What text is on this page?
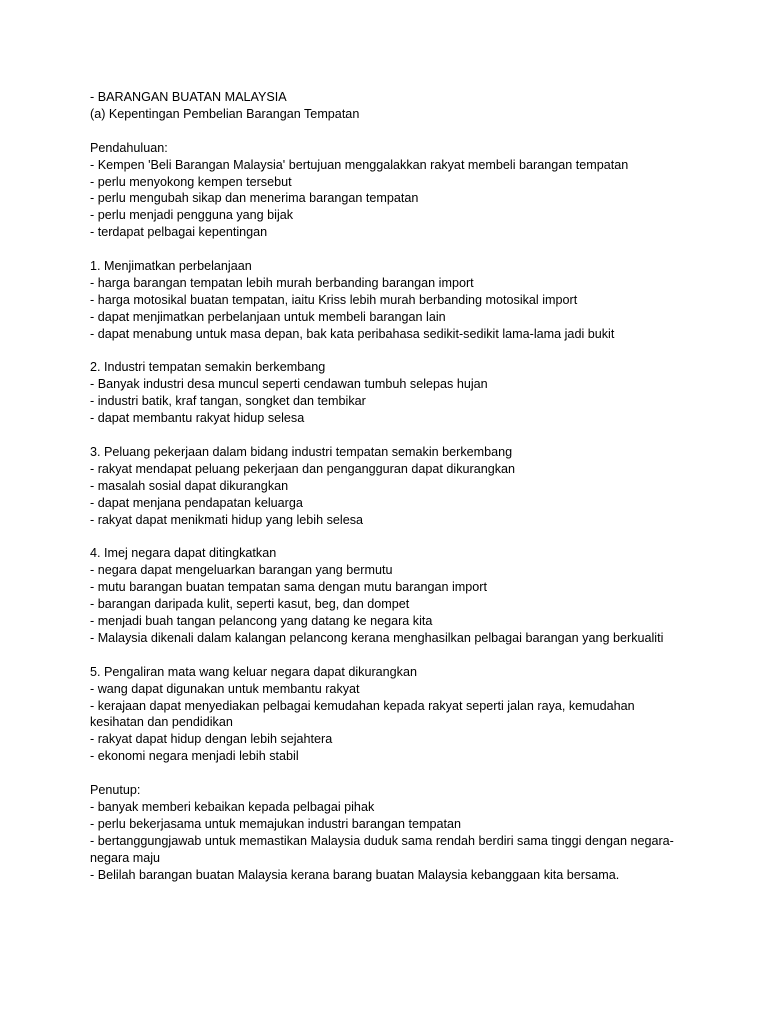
- BARANGAN BUATAN MALAYSIA

(a) Kepentingan Pembelian Barangan Tempatan

Pendahuluan:

- Kempen 'Beli Barangan Malaysia' bertujuan menggalakkan rakyat membeli barangan tempatan

- perlu menyokong kempen tersebut

- perlu mengubah sikap dan menerima barangan tempatan

- perlu menjadi pengguna yang bijak

- terdapat pelbagai kepentingan

1. Menjimatkan perbelanjaan

- harga barangan tempatan lebih murah berbanding barangan import

- harga motosikal buatan tempatan, iaitu Kriss lebih murah berbanding motosikal import

- dapat menjimatkan perbelanjaan untuk membeli barangan lain

- dapat menabung untuk masa depan, bak kata peribahasa sedikit-sedikit lama-lama jadi bukit

2. Industri tempatan semakin berkembang

- Banyak industri desa muncul seperti cendawan tumbuh selepas hujan

- industri batik, kraf tangan, songket dan tembikar

- dapat membantu rakyat hidup selesa

3. Peluang pekerjaan dalam bidang industri tempatan semakin berkembang

- rakyat mendapat peluang pekerjaan dan pengangguran dapat dikurangkan

- masalah sosial dapat dikurangkan

- dapat menjana pendapatan keluarga

- rakyat dapat menikmati hidup yang lebih selesa

4. Imej negara dapat ditingkatkan

- negara dapat mengeluarkan barangan yang bermutu

- mutu barangan buatan tempatan sama dengan mutu barangan import

- barangan daripada kulit, seperti kasut, beg, dan dompet

- menjadi buah tangan pelancong yang datang ke negara kita

- Malaysia dikenali dalam kalangan pelancong kerana menghasilkan pelbagai barangan yang berkualiti

5. Pengaliran mata wang keluar negara dapat dikurangkan

- wang dapat digunakan untuk membantu rakyat

- kerajaan dapat menyediakan pelbagai kemudahan kepada rakyat seperti jalan raya, kemudahan kesihatan dan pendidikan

- rakyat dapat hidup dengan lebih sejahtera

- ekonomi negara menjadi lebih stabil

Penutup:

- banyak memberi kebaikan kepada pelbagai pihak

- perlu bekerjasama untuk memajukan industri barangan tempatan

- bertanggungjawab untuk memastikan Malaysia duduk sama rendah berdiri sama tinggi dengan negara-negara maju

- Belilah barangan buatan Malaysia kerana barang buatan Malaysia kebanggaan kita bersama.
